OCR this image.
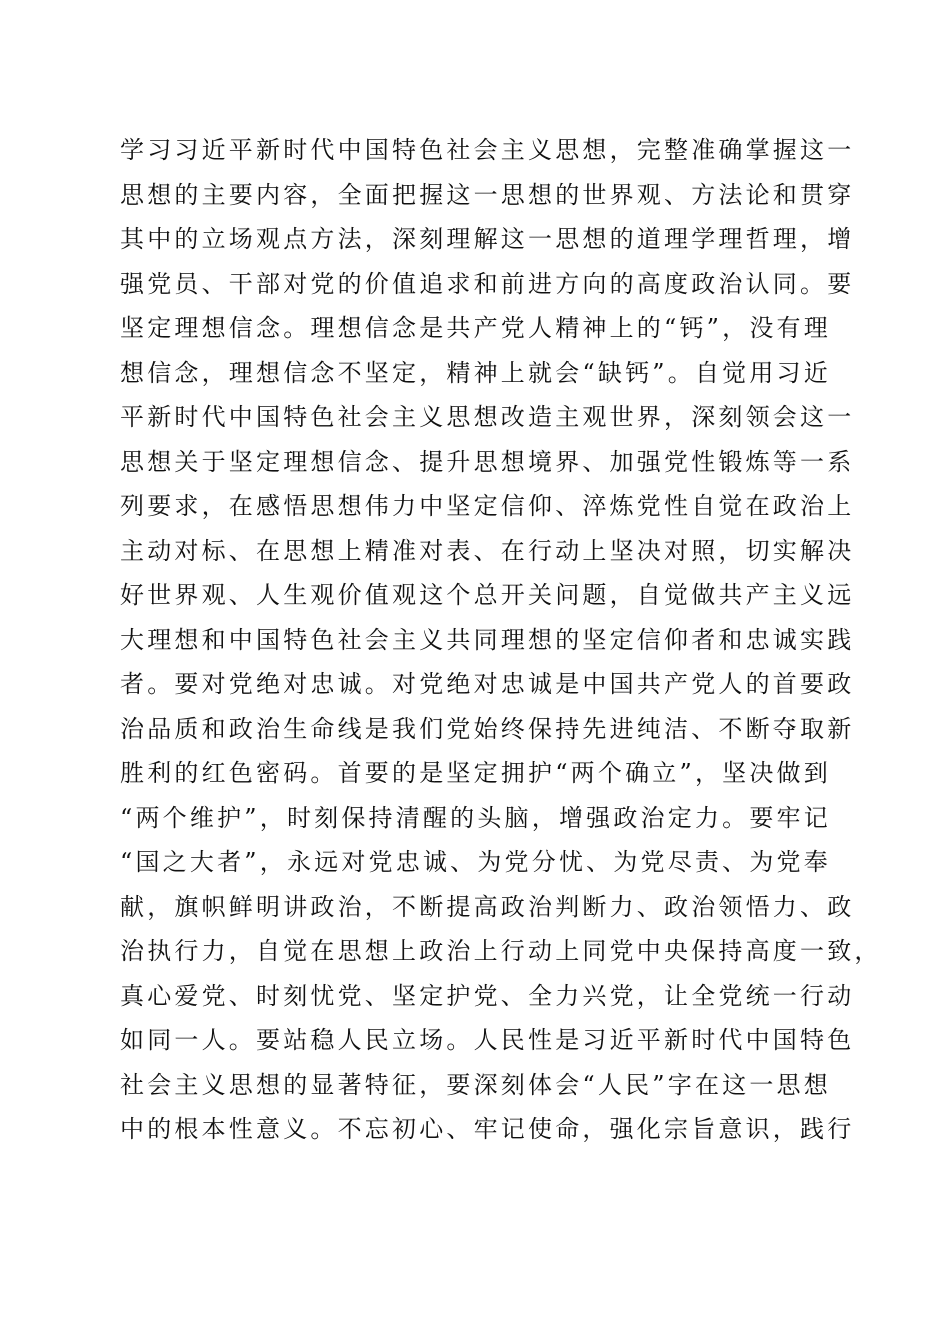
学习习近平新时代中国特色社会主义思想，完整准确掌握这一
思想的主要内容，全面把握这一思想的世界观、方法论和贯穿
其中的立场观点方法，深刻理解这一思想的道理学理哲理，增
强党员、干部对党的价值追求和前进方向的高度政治认同。要
坚定理想信念。理想信念是共产党人精神上的“钙”，没有理
想信念，理想信念不坚定，精神上就会“缺钙”。自觉用习近
平新时代中国特色社会主义思想改造主观世界，深刻领会这一
思想关于坚定理想信念、提升思想境界、加强党性锻炼等一系
列要求，在感悟思想伟力中坚定信仰、淬炼党性自觉在政治上
主动对标、在思想上精准对表、在行动上坚决对照，切实解决
好世界观、人生观价值观这个总开关问题，自觉做共产主义远
大理想和中国特色社会主义共同理想的坚定信仰者和忠诚实践
者。要对党绝对忠诚。对党绝对忠诚是中国共产党人的首要政
治品质和政治生命线是我们党始终保持先进纯洁、不断夺取新
胜利的红色密码。首要的是坚定拥护“两个确立”，坚决做到
“两个维护”，时刻保持清醒的头脑，增强政治定力。要牢记
“国之大者”，永远对党忠诚、为党分忧、为党尽责、为党奉
献，旗帜鲜明讲政治，不断提高政治判断力、政治领悟力、政
治执行力，自觉在思想上政治上行动上同党中央保持高度一致，
真心爱党、时刻忧党、坚定护党、全力兴党，让全党统一行动
如同一人。要站稳人民立场。人民性是习近平新时代中国特色
社会主义思想的显著特征，要深刻体会“人民”字在这一思想
中的根本性意义。不忘初心、牢记使命，强化宗旨意识，践行
